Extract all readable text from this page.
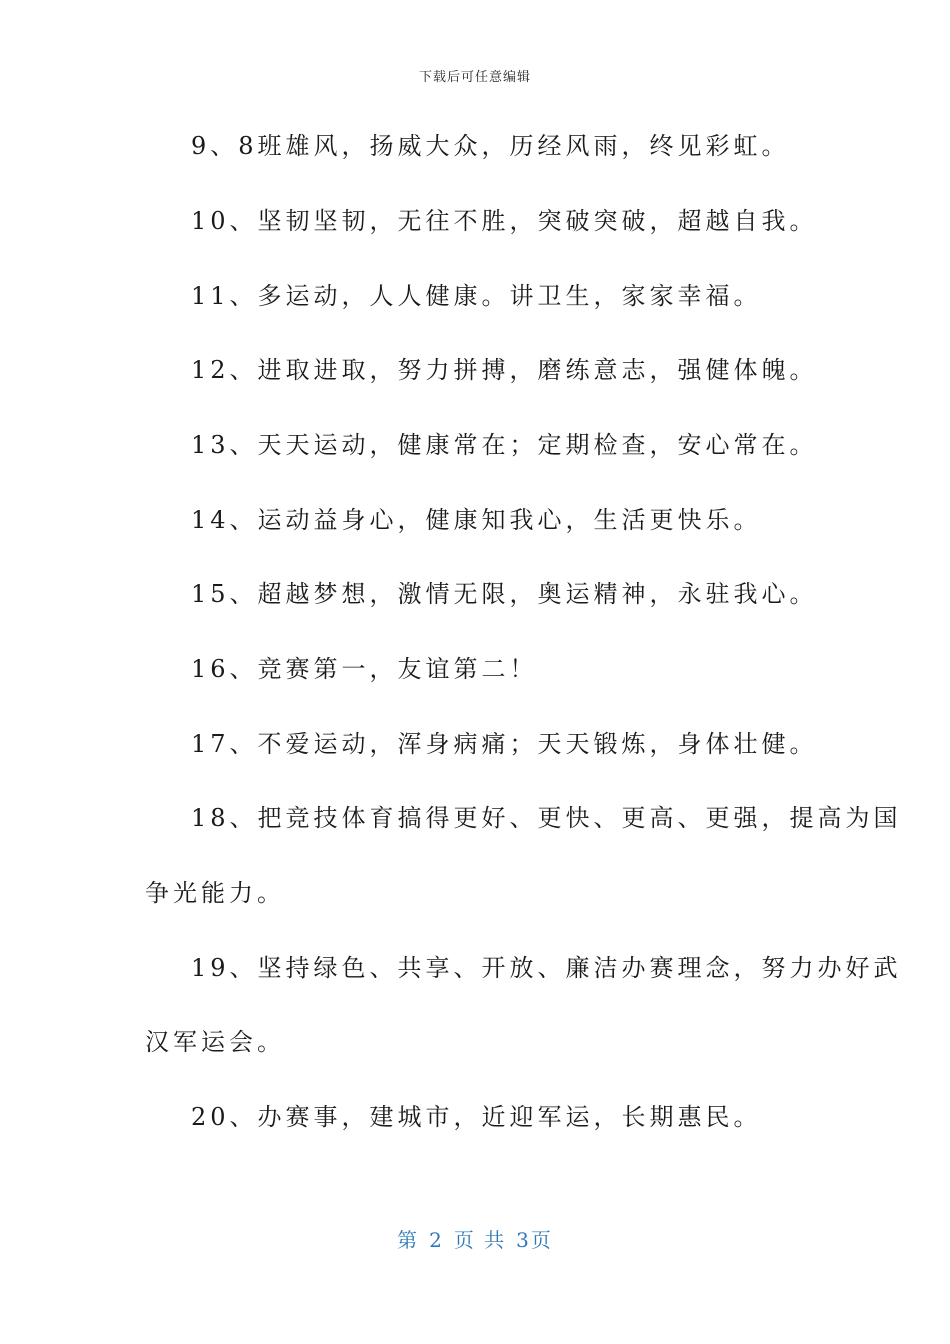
下载后可任意编辑
9、8班雄风，扬威大众，历经风雨，终见彩虹。
10、坚韧坚韧，无往不胜，突破突破，超越自我。
11、多运动，人人健康。讲卫生，家家幸福。
12、进取进取，努力拼搏，磨练意志，强健体魄。
13、天天运动，健康常在；定期检查，安心常在。
14、运动益身心，健康知我心，生活更快乐。
15、超越梦想，激情无限，奥运精神，永驻我心。
16、竞赛第一，友谊第二！
17、不爱运动，浑身病痛；天天锻炼，身体壮健。
18、把竞技体育搞得更好、更快、更高、更强，提高为国
争光能力。
19、坚持绿色、共享、开放、廉洁办赛理念，努力办好武
汉军运会。
20、办赛事，建城市，近迎军运，长期惠民。
第 2 页 共 3页
